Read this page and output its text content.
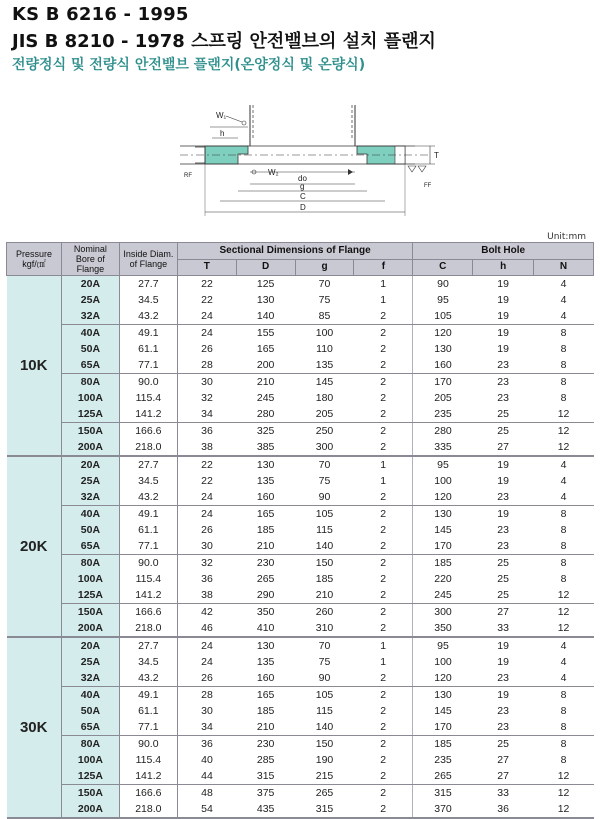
KS B 6216 - 1995
JIS B 8210 - 1978 스프링 안전밸브의 설치 플랜지
전량정식 및 전량식 안전밸브 플랜지(온양정식 및 온량식)
W₁
h
W₂
T
RF
FF
do
g
C
D
Unit:mm
Pressure kgf/㎠	Nominal Bore of Flange	Inside Diam. of Flange	Sectional Dimensions of Flange				Bolt Hole		
			T	D	g	f	C	h	N
10K	20A	27.7	22	125	70	1	90	19	4
	25A	34.5	22	130	75	1	95	19	4
	32A	43.2	24	140	85	2	105	19	4
	40A	49.1	24	155	100	2	120	19	8
	50A	61.1	26	165	110	2	130	19	8
	65A	77.1	28	200	135	2	160	23	8
	80A	90.0	30	210	145	2	170	23	8
	100A	115.4	32	245	180	2	205	23	8
	125A	141.2	34	280	205	2	235	25	12
	150A	166.6	36	325	250	2	280	25	12
	200A	218.0	38	385	300	2	335	27	12
20K	20A	27.7	22	130	70	1	95	19	4
	25A	34.5	22	135	75	1	100	19	4
	32A	43.2	24	160	90	2	120	23	4
	40A	49.1	24	165	105	2	130	19	8
	50A	61.1	26	185	115	2	145	23	8
	65A	77.1	30	210	140	2	170	23	8
	80A	90.0	32	230	150	2	185	25	8
	100A	115.4	36	265	185	2	220	25	8
	125A	141.2	38	290	210	2	245	25	12
	150A	166.6	42	350	260	2	300	27	12
	200A	218.0	46	410	310	2	350	33	12
30K	20A	27.7	24	130	70	1	95	19	4
	25A	34.5	24	135	75	1	100	19	4
	32A	43.2	26	160	90	2	120	23	4
	40A	49.1	28	165	105	2	130	19	8
	50A	61.1	30	185	115	2	145	23	8
	65A	77.1	34	210	140	2	170	23	8
	80A	90.0	36	230	150	2	185	25	8
	100A	115.4	40	285	190	2	235	27	8
	125A	141.2	44	315	215	2	265	27	12
	150A	166.6	48	375	265	2	315	33	12
	200A	218.0	54	435	315	2	370	36	12
